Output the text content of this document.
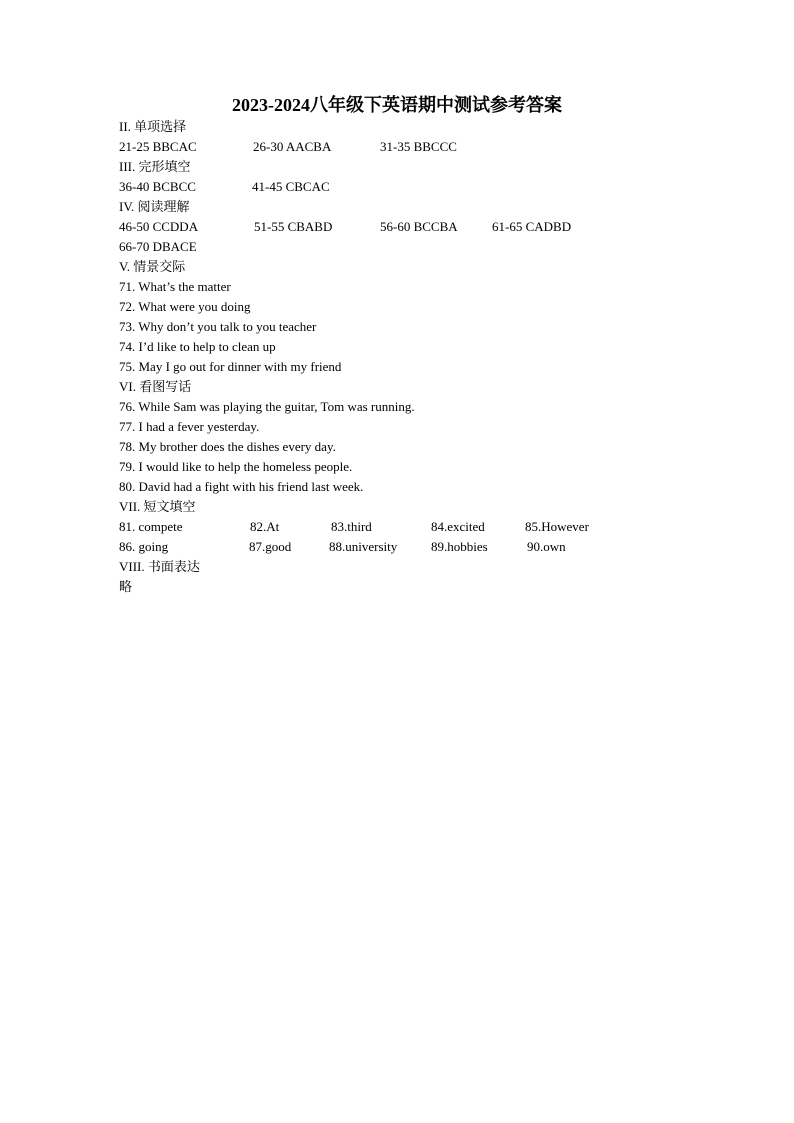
2023-2024八年级下英语期中测试参考答案
II. 单项选择
21-25 BBCAC	26-30 AACBA	31-35 BBCCC
III. 完形填空
36-40 BCBCC	41-45 CBCAC
IV. 阅读理解
46-50 CCDDA	51-55 CBABD	56-60 BCCBA	61-65 CADBD
66-70 DBACE
V. 情景交际
71. What’s the matter
72. What were you doing
73. Why don’t you talk to you teacher
74. I’d like to help to clean up
75. May I go out for dinner with my friend
VI. 看图写话
76. While Sam was playing the guitar, Tom was running.
77. I had a fever yesterday.
78. My brother does the dishes every day.
79. I would like to help the homeless people.
80. David had a fight with his friend last week.
VII. 短文填空
81. compete	82.At	83.third	84.excited	85.However
86. going	87.good	88.university	89.hobbies	90.own
VIII. 书面表达
略
